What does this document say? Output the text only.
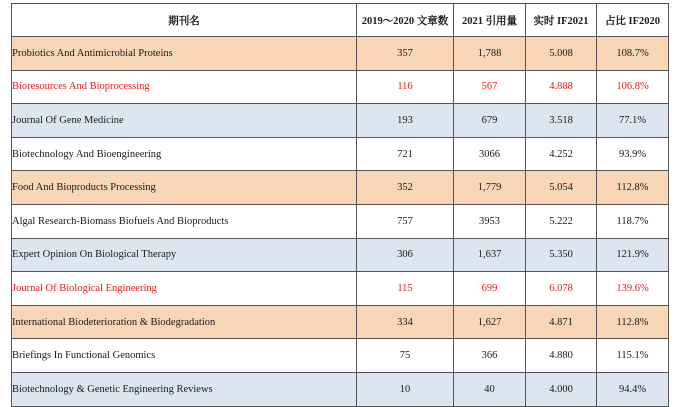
期刊名	2019～2020 文章数	2021 引用量	实时 IF2021	占比 IF2020
Probiotics And Antimicrobial Proteins	357	1,788	5.008	108.7%
Bioresources And Bioprocessing	116	567	4.888	106.8%
Journal Of Gene Medicine	193	679	3.518	77.1%
Biotechnology And Bioengineering	721	3066	4.252	93.9%
Food And Bioproducts Processing	352	1,779	5.054	112.8%
Algal Research-Biomass Biofuels And Bioproducts	757	3953	5.222	118.7%
Expert Opinion On Biological Therapy	306	1,637	5.350	121.9%
Journal Of Biological Engineering	115	699	6.078	139.6%
International Biodeterioration & Biodegradation	334	1,627	4.871	112.8%
Briefings In Functional Genomics	75	366	4.880	115.1%
Biotechnology & Genetic Engineering Reviews	10	40	4.000	94.4%
